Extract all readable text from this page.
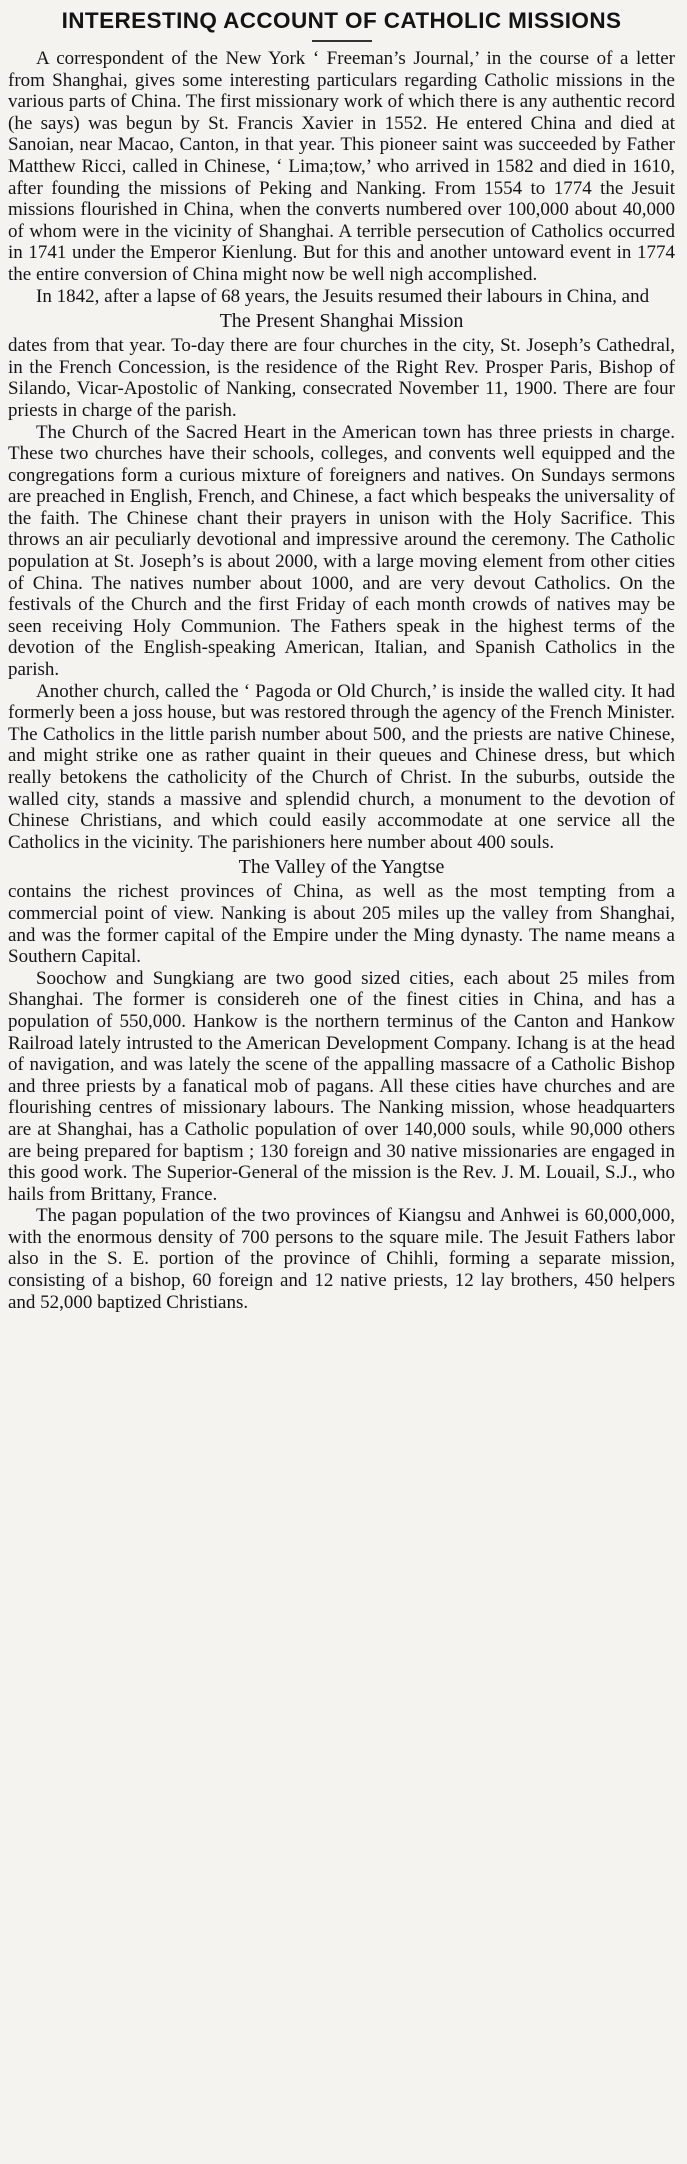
INTERESTINQ ACCOUNT OF CATHOLIC MISSIONS

A correspondent of the New York ‘ Freeman’s Journal,’ in the course of a letter from Shanghai, gives some interesting particulars regarding Catholic missions in the various parts of China. The first missionary work of which there is any authentic record (he says) was begun by St. Francis Xavier in 1552. He entered China and died at Sanoian, near Macao, Canton, in that year. This pioneer saint was succeeded by Father Matthew Ricci, called in Chinese, ‘ Lima;tow,’ who arrived in 1582 and died in 1610, after founding the missions of Peking and Nanking. From 1554 to 1774 the Jesuit missions flourished in China, when the converts numbered over 100,000 about 40,000 of whom were in the vicinity of Shanghai. A terrible persecution of Catholics occurred in 1741 under the Emperor Kienlung. But for this and another untoward event in 1774 the entire conversion of China might now be well nigh accomplished.

In 1842, after a lapse of 68 years, the Jesuits resumed their labours in China, and

The Present Shanghai Mission

dates from that year. To-day there are four churches in the city, St. Joseph’s Cathedral, in the French Concession, is the residence of the Right Rev. Prosper Paris, Bishop of Silando, Vicar-Apostolic of Nanking, consecrated November 11, 1900. There are four priests in charge of the parish.

The Church of the Sacred Heart in the American town has three priests in charge. These two churches have their schools, colleges, and convents well equipped and the congregations form a curious mixture of foreigners and natives. On Sundays sermons are preached in English, French, and Chinese, a fact which bespeaks the universality of the faith. The Chinese chant their prayers in unison with the Holy Sacrifice. This throws an air peculiarly devotional and impressive around the ceremony. The Catholic population at St. Joseph’s is about 2000, with a large moving element from other cities of China. The natives number about 1000, and are very devout Catholics. On the festivals of the Church and the first Friday of each month crowds of natives may be seen receiving Holy Communion. The Fathers speak in the highest terms of the devotion of the English-speaking American, Italian, and Spanish Catholics in the parish.

Another church, called the ‘ Pagoda or Old Church,’ is inside the walled city. It had formerly been a joss house, but was restored through the agency of the French Minister. The Catholics in the little parish number about 500, and the priests are native Chinese, and might strike one as rather quaint in their queues and Chinese dress, but which really betokens the catholicity of the Church of Christ. In the suburbs, outside the walled city, stands a massive and splendid church, a monument to the devotion of Chinese Christians, and which could easily accommodate at one service all the Catholics in the vicinity. The parishioners here number about 400 souls.

The Valley of the Yangtse

contains the richest provinces of China, as well as the most tempting from a commercial point of view. Nanking is about 205 miles up the valley from Shanghai, and was the former capital of the Empire under the Ming dynasty. The name means a Southern Capital.

Soochow and Sungkiang are two good sized cities, each about 25 miles from Shanghai. The former is considereh one of the finest cities in China, and has a population of 550,000. Hankow is the northern terminus of the Canton and Hankow Railroad lately intrusted to the American Development Company. Ichang is at the head of navigation, and was lately the scene of the appalling massacre of a Catholic Bishop and three priests by a fanatical mob of pagans. All these cities have churches and are flourishing centres of missionary labours. The Nanking mission, whose headquarters are at Shanghai, has a Catholic population of over 140,000 souls, while 90,000 others are being prepared for baptism ; 130 foreign and 30 native missionaries are engaged in this good work. The Superior-General of the mission is the Rev. J. M. Louail, S.J., who hails from Brittany, France.

The pagan population of the two provinces of Kiangsu and Anhwei is 60,000,000, with the enormous density of 700 persons to the square mile. The Jesuit Fathers labor also in the S. E. portion of the province of Chihli, forming a separate mission, consisting of a bishop, 60 foreign and 12 native priests, 12 lay brothers, 450 helpers and 52,000 baptized Christians.
